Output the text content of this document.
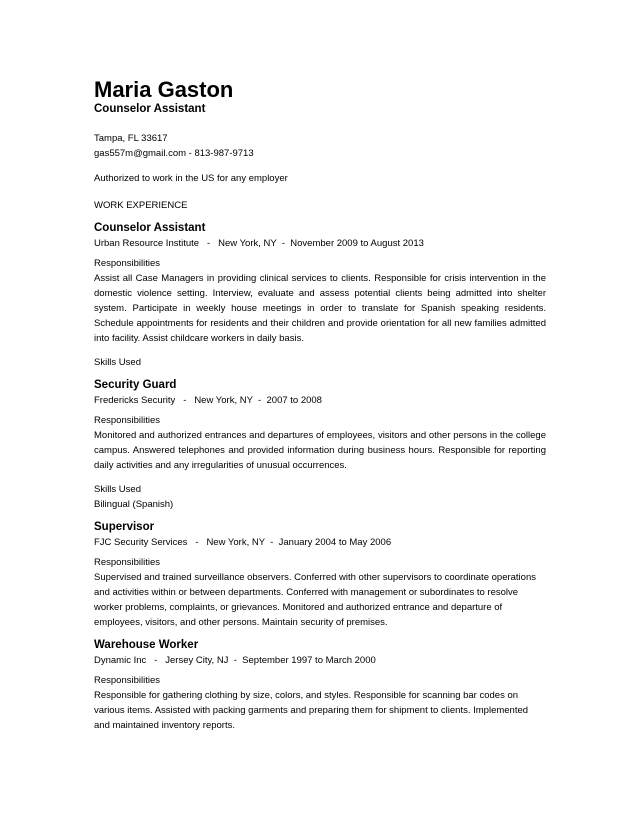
Maria Gaston

Counselor Assistant

Tampa, FL 33617

gas557m@gmail.com - 813-987-9713

Authorized to work in the US for any employer

WORK EXPERIENCE

Counselor Assistant

Urban Resource Institute   -   New York, NY  -  November 2009 to August 2013

Responsibilities

Assist all Case Managers in providing clinical services to clients. Responsible for crisis intervention in the domestic violence setting. Interview, evaluate and assess potential clients being admitted into shelter system. Participate in weekly house meetings in order to translate for Spanish speaking residents. Schedule appointments for residents and their children and provide orientation for all new families admitted into facility. Assist childcare workers in daily basis.

Skills Used

Security Guard

Fredericks Security   -   New York, NY  -  2007 to 2008

Responsibilities

Monitored and authorized entrances and departures of employees, visitors and other persons in the college campus. Answered telephones and provided information during business hours. Responsible for reporting daily activities and any irregularities of unusual occurrences.

Skills Used

Bilingual (Spanish)

Supervisor

FJC Security Services   -   New York, NY  -  January 2004 to May 2006

Responsibilities

Supervised and trained surveillance observers. Conferred with other supervisors to coordinate operations and activities within or between departments. Conferred with management or subordinates to resolve worker problems, complaints, or grievances. Monitored and authorized entrance and departure of employees, visitors, and other persons. Maintain security of premises.

Warehouse Worker

Dynamic Inc   -   Jersey City, NJ  -  September 1997 to March 2000

Responsibilities

Responsible for gathering clothing by size, colors, and styles. Responsible for scanning bar codes on various items. Assisted with packing garments and preparing them for shipment to clients. Implemented and maintained inventory reports.
